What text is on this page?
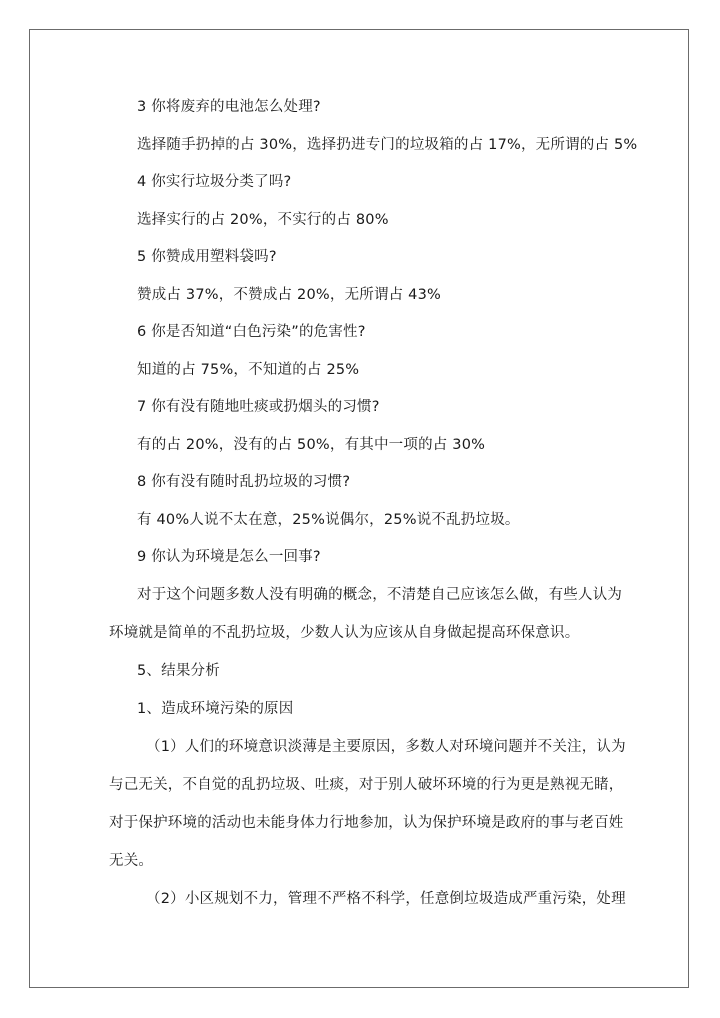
3 你将废弃的电池怎么处理?
选择随手扔掉的占 30%，选择扔进专门的垃圾箱的占 17%，无所谓的占 5%
4 你实行垃圾分类了吗?
选择实行的占 20%，不实行的占 80%
5 你赞成用塑料袋吗?
赞成占 37%，不赞成占 20%，无所谓占 43%
6 你是否知道“白色污染”的危害性?
知道的占 75%，不知道的占 25%
7 你有没有随地吐痰或扔烟头的习惯?
有的占 20%，没有的占 50%，有其中一项的占 30%
8 你有没有随时乱扔垃圾的习惯?
有 40%人说不太在意，25%说偶尔，25%说不乱扔垃圾。
9 你认为环境是怎么一回事?
对于这个问题多数人没有明确的概念，不清楚自己应该怎么做，有些人认为
环境就是简单的不乱扔垃圾，少数人认为应该从自身做起提高环保意识。
5、结果分析
1、造成环境污染的原因
（1）人们的环境意识淡薄是主要原因，多数人对环境问题并不关注，认为
与己无关，不自觉的乱扔垃圾、吐痰，对于别人破坏环境的行为更是熟视无睹，
对于保护环境的活动也未能身体力行地参加，认为保护环境是政府的事与老百姓
无关。
（2）小区规划不力，管理不严格不科学，任意倒垃圾造成严重污染，处理
